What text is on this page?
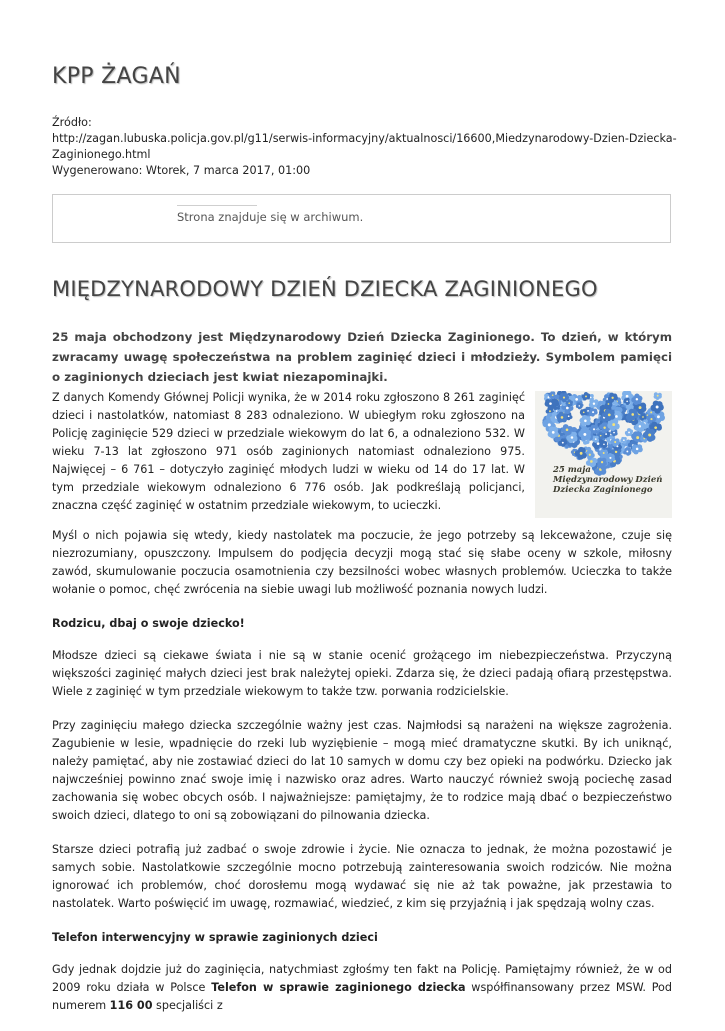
KPP ŻAGAŃ
Źródło:
http://zagan.lubuska.policja.gov.pl/g11/serwis-informacyjny/aktualnosci/16600,Miedzynarodowy-Dzien-Dziecka-Zaginionego.html
Wygenerowano: Wtorek, 7 marca 2017, 01:00
Strona znajduje się w archiwum.
MIĘDZYNARODOWY DZIEŃ DZIECKA ZAGINIONEGO

25 maja obchodzony jest Międzynarodowy Dzień Dziecka Zaginionego. To dzień, w którym zwracamy uwagę społeczeństwa na problem zaginięć dzieci i młodzieży. Symbolem pamięci o zaginionych dzieciach jest kwiat niezapominajki.

25 maja
Międzynarodowy Dzień
Dziecka Zaginionego

Z danych Komendy Głównej Policji wynika, że w 2014 roku zgłoszono 8 261 zaginięć dzieci i nastolatków, natomiast 8 283 odnaleziono. W ubiegłym roku zgłoszono na Policję zaginięcie 529 dzieci w przedziale wiekowym do lat 6, a odnaleziono 532. W wieku 7-13 lat zgłoszono 971 osób zaginionych natomiast odnaleziono 975. Najwięcej – 6 761 – dotyczyło zaginięć młodych ludzi w wieku od 14 do 17 lat. W tym przedziale wiekowym odnaleziono 6 776 osób. Jak podkreślają policjanci, znaczna część zaginięć w ostatnim przedziale wiekowym, to ucieczki.

Myśl o nich pojawia się wtedy, kiedy nastolatek ma poczucie, że jego potrzeby są lekceważone, czuje się niezrozumiany, opuszczony. Impulsem do podjęcia decyzji mogą stać się słabe oceny w szkole, miłosny zawód, skumulowanie poczucia osamotnienia czy bezsilności wobec własnych problemów. Ucieczka to także wołanie o pomoc, chęć zwrócenia na siebie uwagi lub możliwość poznania nowych ludzi.

Rodzicu, dbaj o swoje dziecko!

Młodsze dzieci są ciekawe świata i nie są w stanie ocenić grożącego im niebezpieczeństwa. Przyczyną większości zaginięć małych dzieci jest brak należytej opieki. Zdarza się, że dzieci padają ofiarą przestępstwa. Wiele z zaginięć w tym przedziale wiekowym to także tzw. porwania rodzicielskie.

Przy zaginięciu małego dziecka szczególnie ważny jest czas. Najmłodsi są narażeni na większe zagrożenia. Zagubienie w lesie, wpadnięcie do rzeki lub wyziębienie – mogą mieć dramatyczne skutki. By ich uniknąć, należy pamiętać, aby nie zostawiać dzieci do lat 10 samych w domu czy bez opieki na podwórku. Dziecko jak najwcześniej powinno znać swoje imię i nazwisko oraz adres. Warto nauczyć również swoją pociechę zasad zachowania się wobec obcych osób. I najważniejsze: pamiętajmy, że to rodzice mają dbać o bezpieczeństwo swoich dzieci, dlatego to oni są zobowiązani do pilnowania dziecka.

Starsze dzieci potrafią już zadbać o swoje zdrowie i życie. Nie oznacza to jednak, że można pozostawić je samych sobie. Nastolatkowie szczególnie mocno potrzebują zainteresowania swoich rodziców. Nie można ignorować ich problemów, choć dorosłemu mogą wydawać się nie aż tak poważne, jak przestawia to nastolatek. Warto poświęcić im uwagę, rozmawiać, wiedzieć, z kim się przyjaźnią i jak spędzają wolny czas.

Telefon interwencyjny w sprawie zaginionych dzieci

Gdy jednak dojdzie już do zaginięcia, natychmiast zgłośmy ten fakt na Policję. Pamiętajmy również, że w od 2009 roku działa w Polsce Telefon w sprawie zaginionego dziecka współfinansowany przez MSW. Pod numerem 116 00 specjaliści z
